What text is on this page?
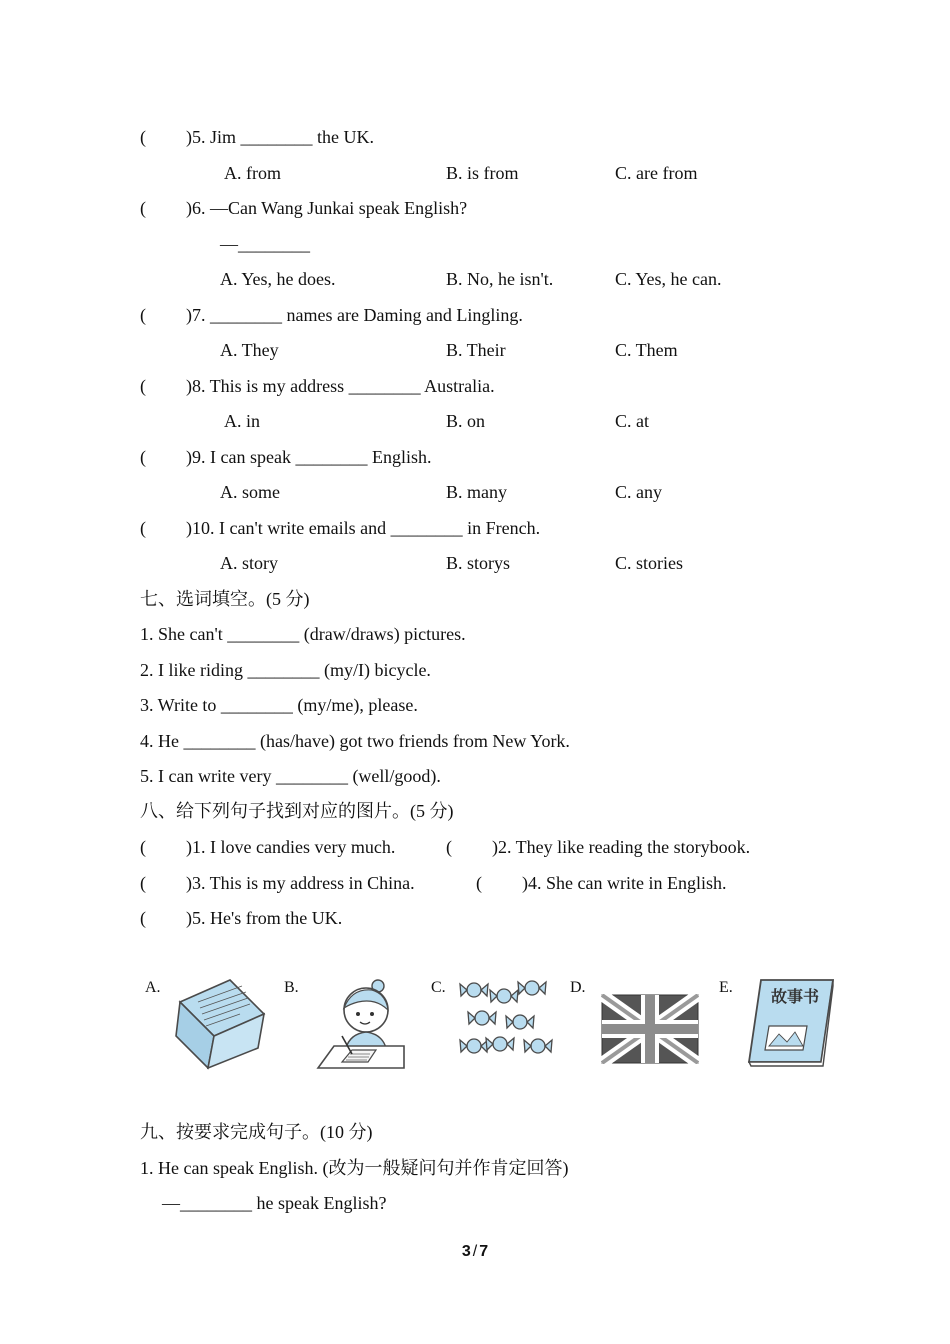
( )5. Jim ________ the UK.
A. from	B. is from	C. are from
( )6. —Can Wang Junkai speak English?
—________
A. Yes, he does.	B. No, he isn't.	C. Yes, he can.
( )7. ________ names are Daming and Lingling.
A. They	B. Their	C. Them
( )8. This is my address ________ Australia.
A. in	B. on	C. at
( )9. I can speak ________ English.
A. some	B. many	C. any
( )10. I can't write emails and ________ in French.
A. story	B. storys	C. stories
七、选词填空。(5 分)
1. She can't ________ (draw/draws) pictures.
2. I like riding ________ (my/I) bicycle.
3. Write to ________ (my/me), please.
4. He ________ (has/have) got two friends from New York.
5. I can write very ________ (well/good).
八、给下列句子找到对应的图片。(5 分)
( )1. I love candies very much.	( )2. They like reading the storybook.
( )3. This is my address in China.	( )4. She can write in English.
( )5. He's from the UK.
A.	B.	C.	D.	E. 故事书
九、按要求完成句子。(10 分)
1. He can speak English. (改为一般疑问句并作肯定回答)
—________ he speak English?
3 / 7
